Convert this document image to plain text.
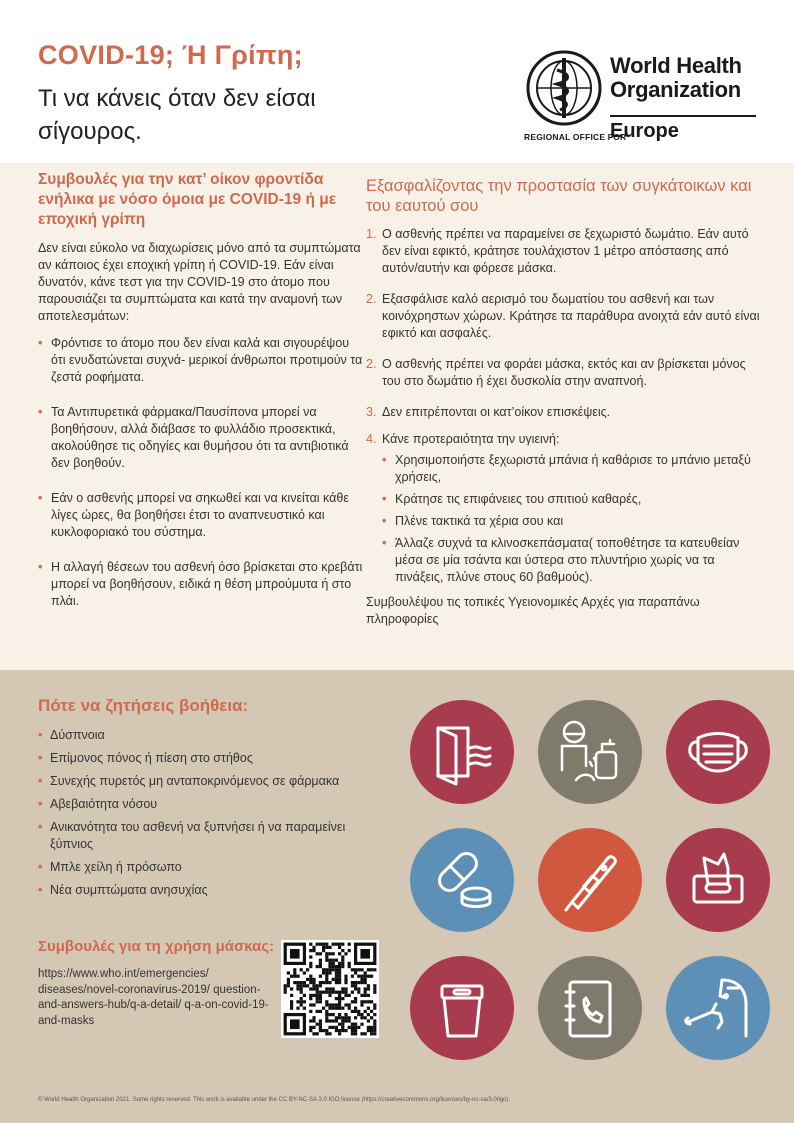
COVID-19; Ή Γρίπη;
Τι να κάνεις όταν δεν είσαι σίγουρος.
World Health
Organization
REGIONAL OFFICE FOR
Europe
Συμβουλές για την κατ’ οίκον φροντίδα ενήλικα με νόσο όμοια με COVID-19 ή με εποχική γρίπη

Δεν είναι εύκολο να διαχωρίσεις μόνο από τα συμπτώματα αν κάποιος έχει εποχική γρίπη ή COVID-19. Εάν είναι δυνατόν, κάνε τεστ για την COVID-19 στο άτομο που παρουσιάζει τα συμπτώματα και κατά την αναμονή των αποτελεσμάτων:

• Φρόντισε το άτομο που δεν είναι καλά και σιγουρέψου ότι ενυδατώνεται συχνά- μερικοί άνθρωποι προτιμούν τα ζεστά ροφήματα.
• Τα Αντιπυρετικά φάρμακα/Παυσίπονα μπορεί να βοηθήσουν, αλλά διάβασε το φυλλάδιο προσεκτικά, ακολούθησε τις οδηγίες και θυμήσου ότι τα αντιβιοτικά δεν βοηθούν.
• Εάν ο ασθενής μπορεί να σηκωθεί και να κινείται κάθε λίγες ώρες, θα βοηθήσει έτσι το αναπνευστικό και κυκλοφοριακό του σύστημα.
• Η αλλαγή θέσεων του ασθενή όσο βρίσκεται στο κρεβάτι μπορεί να βοηθήσουν, ειδικά η θέση μπρούμυτα ή στο πλάι.
Εξασφαλίζοντας την προστασία των συγκάτοικων και του εαυτού σου
1. Ο ασθενής πρέπει να παραμείνει σε ξεχωριστό δωμάτιο. Εάν αυτό δεν είναι εφικτό, κράτησε τουλάχιστον 1 μέτρο απόστασης από αυτόν/αυτήν και φόρεσε μάσκα.
2. Εξασφάλισε καλό αερισμό του δωματίου του ασθενή και των κοινόχρηστων χώρων. Κράτησε τα παράθυρα ανοιχτά εάν αυτό είναι εφικτό και ασφαλές.
2. Ο ασθενής πρέπει να φοράει μάσκα, εκτός και αν βρίσκεται μόνος του στο δωμάτιο ή έχει δυσκολία στην αναπνοή.
3. Δεν επιτρέπονται οι κατ’οίκον επισκέψεις.
4. Κάνε προτεραιότητα την υγιεινή:
• Χρησιμοποιήστε ξεχωριστά μπάνια ή καθάρισε το μπάνιο μεταξύ χρήσεις,
• Κράτησε τις επιφάνειες του σπιτιού καθαρές,
• Πλένε τακτικά τα χέρια σου και
• Άλλαζε συχνά τα κλινοσκεπάσματα( τοποθέτησε τα κατευθείαν μέσα σε μία τσάντα και ύστερα στο πλυντήριο χωρίς να τα πινάξεις, πλύνε στους 60 βαθμούς).

Συμβουλέψου τις τοπικές Υγειονομικές Αρχές για παραπάνω πληροφορίες

Πότε να ζητήσεις βοήθεια:
• Δύσπνοια
• Επίμονος πόνος ή πίεση στο στήθος
• Συνεχής πυρετός μη ανταποκρινόμενος σε φάρμακα
• Αβεβαιότητα νόσου
• Ανικανότητα του ασθενή να ξυπνήσει ή να παραμείνει ξύπνιος
• Μπλε χείλη ή πρόσωπο
• Νέα συμπτώματα ανησυχίας
Συμβουλές για τη χρήση μάσκας:
https://www.who.int/emergencies/ diseases/novel-coronavirus-2019/ question-and-answers-hub/q-a-detail/ q-a-on-covid-19-and-masks
© World Health Organization 2021. Some rights reserved. This work is available under the CC BY-NC-SA 3.0 IGO license (https://creativecommons.org/licenses/by-nc-sa/3.0/igo).
